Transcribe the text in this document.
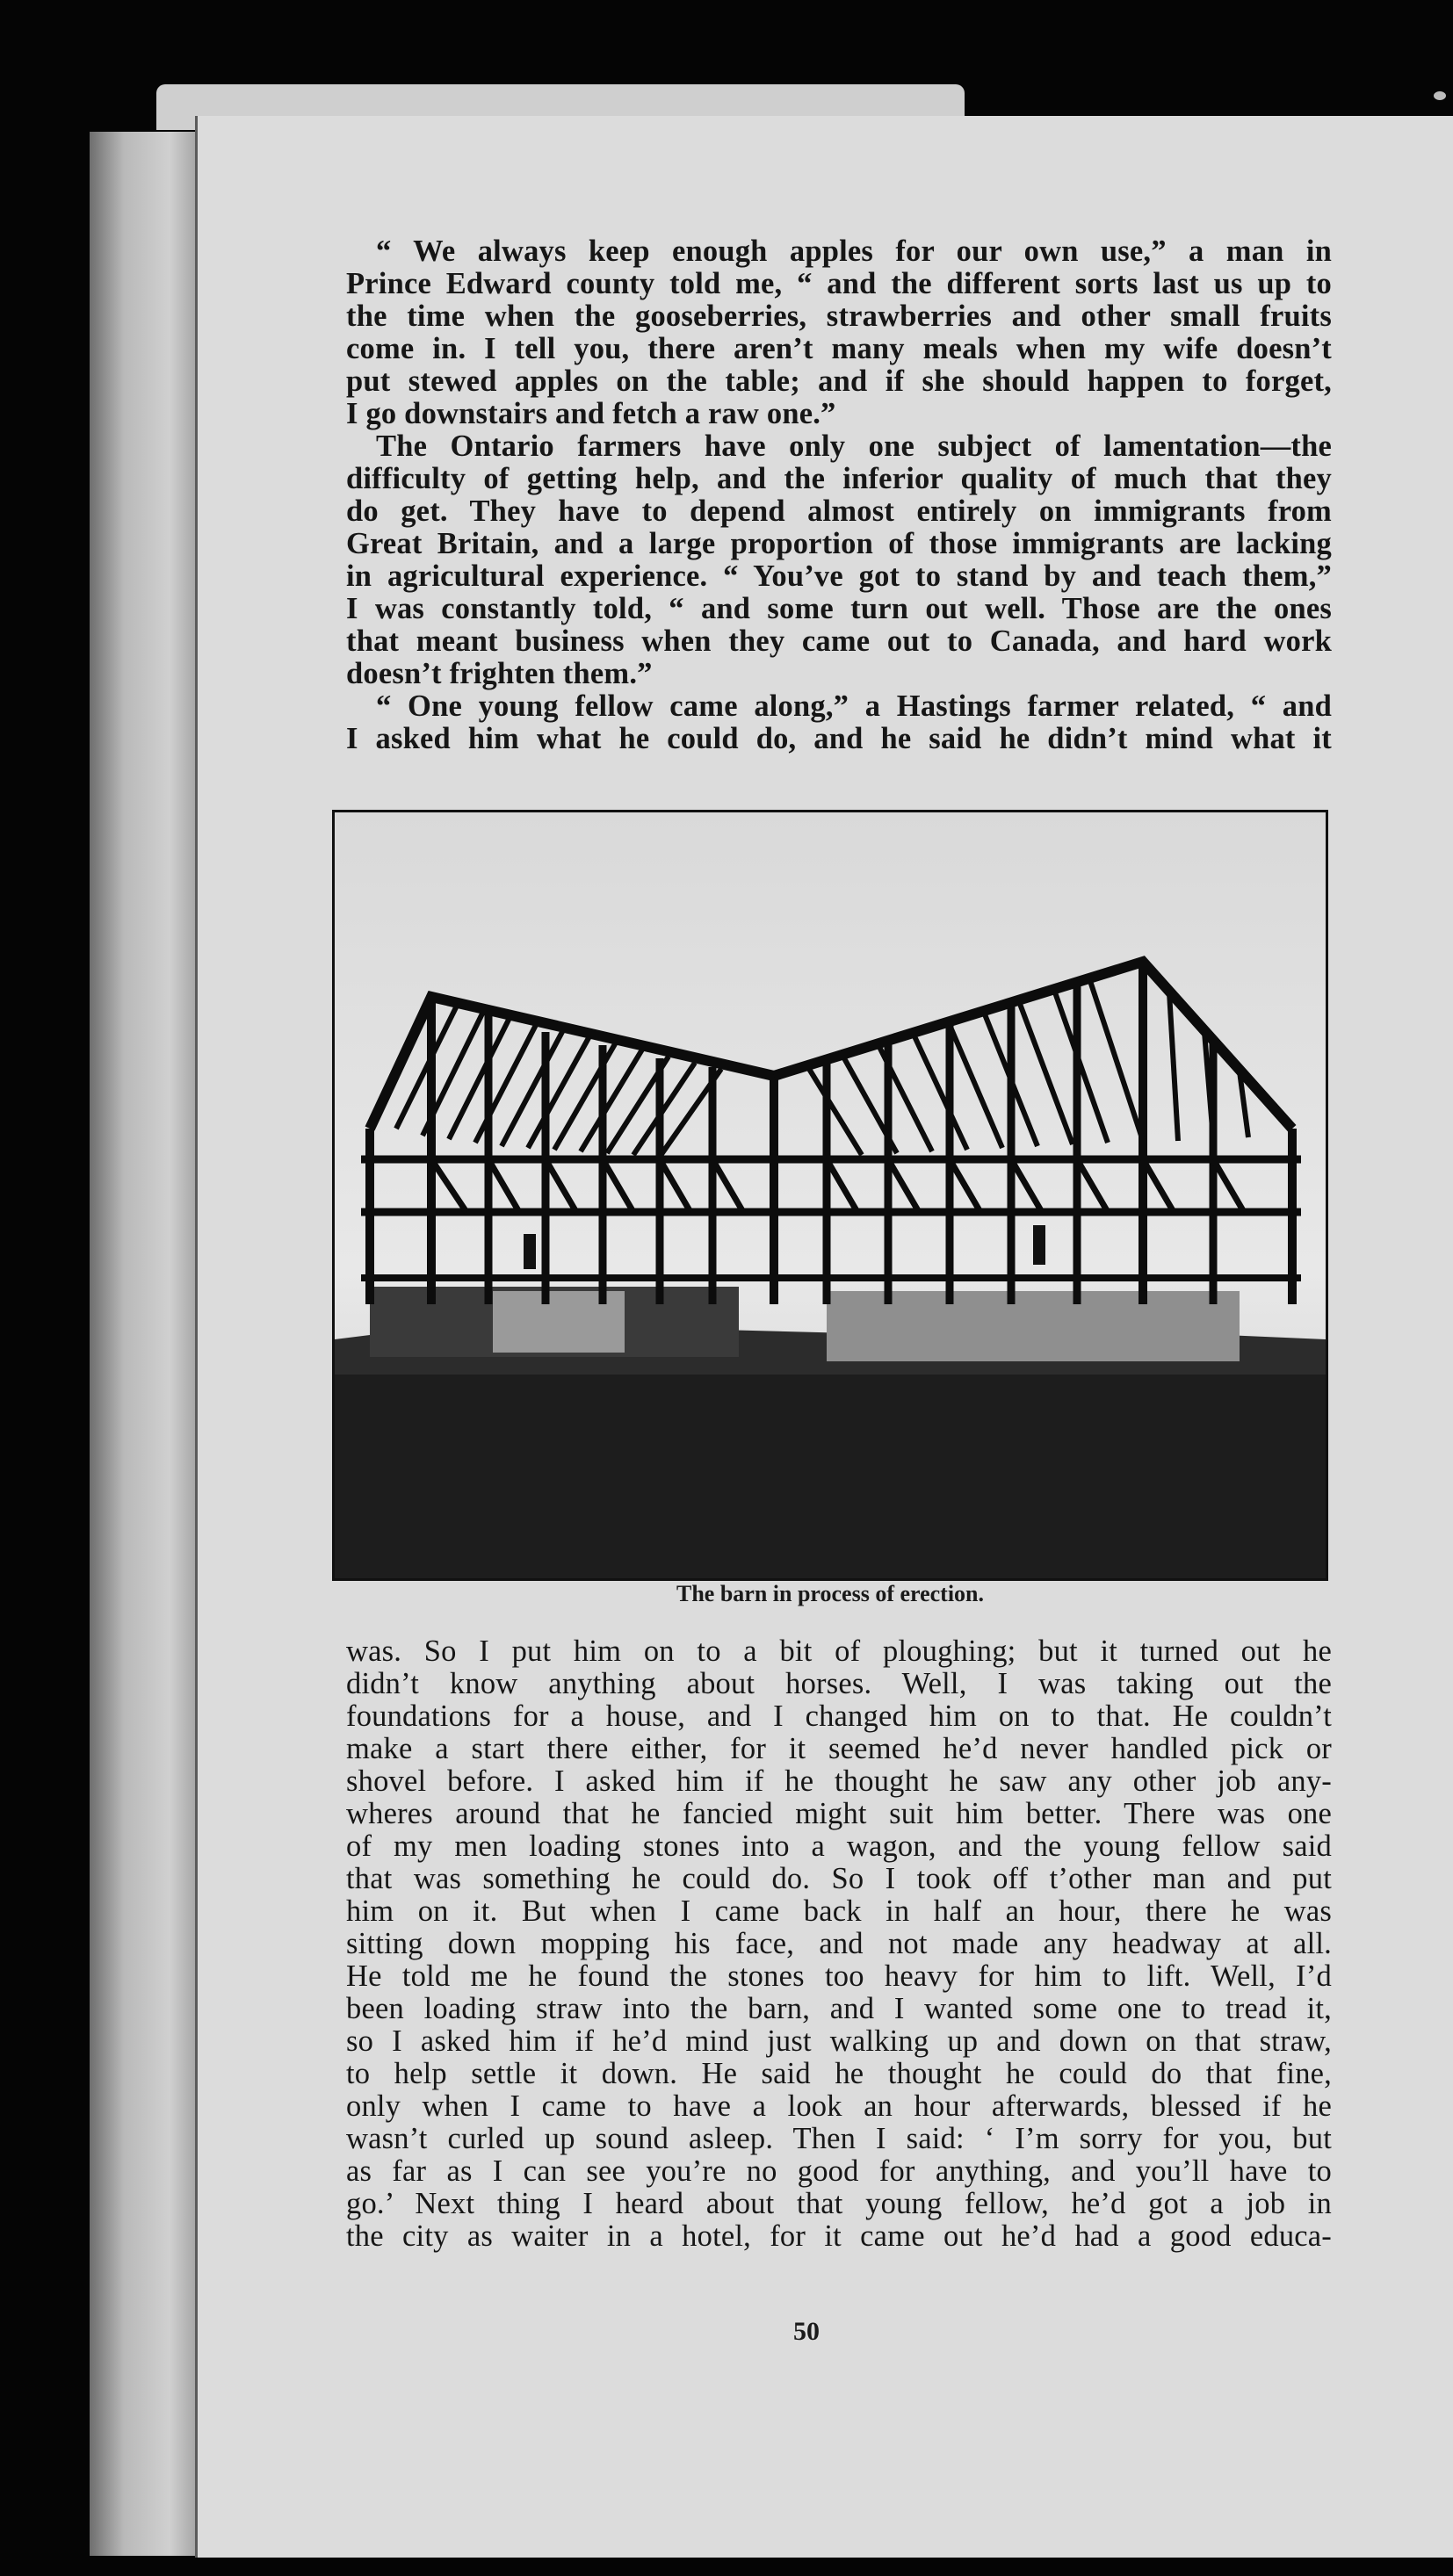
“ We always keep enough apples for our own use,” a man in
Prince Edward county told me, “ and the different sorts last us up to
the time when the gooseberries, strawberries and other small fruits
come in. I tell you, there aren’t many meals when my wife doesn’t
put stewed apples on the table; and if she should happen to forget,
I go downstairs and fetch a raw one.”
The Ontario farmers have only one subject of lamentation—the
difficulty of getting help, and the inferior quality of much that they
do get. They have to depend almost entirely on immigrants from
Great Britain, and a large proportion of those immigrants are lacking
in agricultural experience. “ You’ve got to stand by and teach them,”
I was constantly told, “ and some turn out well. Those are the ones
that meant business when they came out to Canada, and hard work
doesn’t frighten them.”
“ One young fellow came along,” a Hastings farmer related, “ and
I asked him what he could do, and he said he didn’t mind what it
The barn in process of erection.
was. So I put him on to a bit of ploughing; but it turned out he
didn’t know anything about horses. Well, I was taking out the
foundations for a house, and I changed him on to that. He couldn’t
make a start there either, for it seemed he’d never handled pick or
shovel before. I asked him if he thought he saw any other job any-
wheres around that he fancied might suit him better. There was one
of my men loading stones into a wagon, and the young fellow said
that was something he could do. So I took off t’other man and put
him on it. But when I came back in half an hour, there he was
sitting down mopping his face, and not made any headway at all.
He told me he found the stones too heavy for him to lift. Well, I’d
been loading straw into the barn, and I wanted some one to tread it,
so I asked him if he’d mind just walking up and down on that straw,
to help settle it down. He said he thought he could do that fine,
only when I came to have a look an hour afterwards, blessed if he
wasn’t curled up sound asleep. Then I said: ‘ I’m sorry for you, but
as far as I can see you’re no good for anything, and you’ll have to
go.’ Next thing I heard about that young fellow, he’d got a job in
the city as waiter in a hotel, for it came out he’d had a good educa-
50
